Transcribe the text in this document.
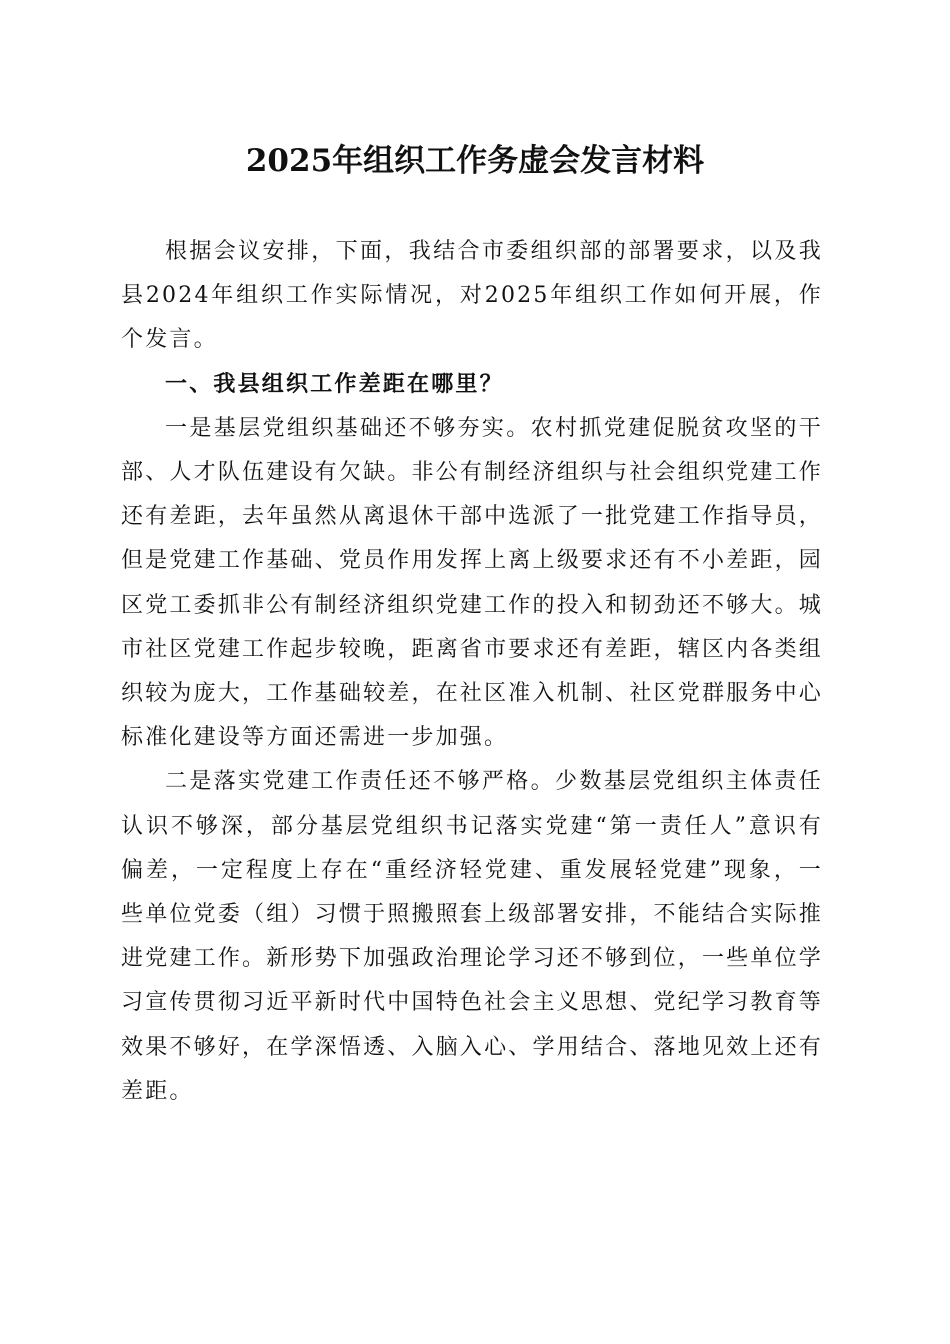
2025年组织工作务虚会发言材料

根据会议安排，下面，我结合市委组织部的部署要求，以及我县2024年组织工作实际情况，对2025年组织工作如何开展，作个发言。

一、我县组织工作差距在哪里？

一是基层党组织基础还不够夯实。农村抓党建促脱贫攻坚的干部、人才队伍建设有欠缺。非公有制经济组织与社会组织党建工作还有差距，去年虽然从离退休干部中选派了一批党建工作指导员，但是党建工作基础、党员作用发挥上离上级要求还有不小差距，园区党工委抓非公有制经济组织党建工作的投入和韧劲还不够大。城市社区党建工作起步较晚，距离省市要求还有差距，辖区内各类组织较为庞大，工作基础较差，在社区准入机制、社区党群服务中心标准化建设等方面还需进一步加强。

二是落实党建工作责任还不够严格。少数基层党组织主体责任认识不够深，部分基层党组织书记落实党建“第一责任人”意识有偏差，一定程度上存在“重经济轻党建、重发展轻党建”现象，一些单位党委（组）习惯于照搬照套上级部署安排，不能结合实际推进党建工作。新形势下加强政治理论学习还不够到位，一些单位学习宣传贯彻习近平新时代中国特色社会主义思想、党纪学习教育等效果不够好，在学深悟透、入脑入心、学用结合、落地见效上还有差距。
